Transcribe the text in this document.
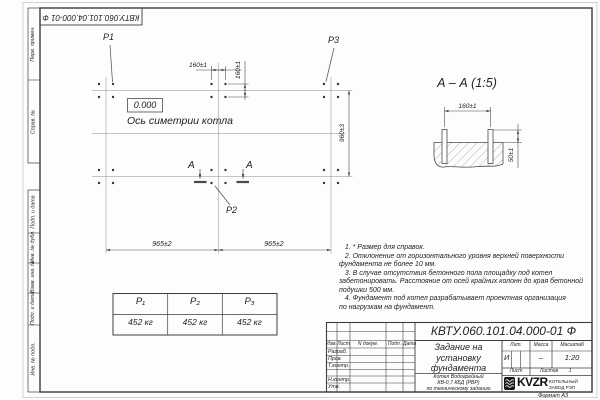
КВТУ.060.101.04.000-01 Ф
Перв. примен.
Справ. №
Подп. и дата
Инв. № дубл.
Взам. инв. №
Подп. и дата
Инв. № подл.
P1	P3
P2
0.000
Ось симетрии котла
160±1	160±1
965±2	965±2
960±3
A	A
А – А (1:5)
160±1
50±1
1. * Размер для справок.
2. Отклонение от горизонтального уровня верхней поверхности
фундамента не более 10 мм.
3. В случае отсутствия бетонного пола площадку под котел
забетонировать. Расстояние от осей крайних колонн до края бетонной
подушки 500 мм.
4. Фундамент под котел разрабатывает проектная организация
по нагрузкам на фундамент.
P₁	P₂	P₃
452 кг	452 кг	452 кг
КВТУ.060.101.04.000-01 Ф
Задание на
установку
фундамента
Котел Водогрейный
КВ-0,7 КБД (РВР)
по техническому заданию
Изм. Лист	N докум.	Подп. Дата
Разраб.
Пров.
Т.контр.
Н.контр.
Утв.
Лит.	Масса	Масштаб
И	–	1:20
Лист	Листов	1
KVZR КОТЕЛЬНЫЙ
ЗАВОД РЭП
Формат А3
